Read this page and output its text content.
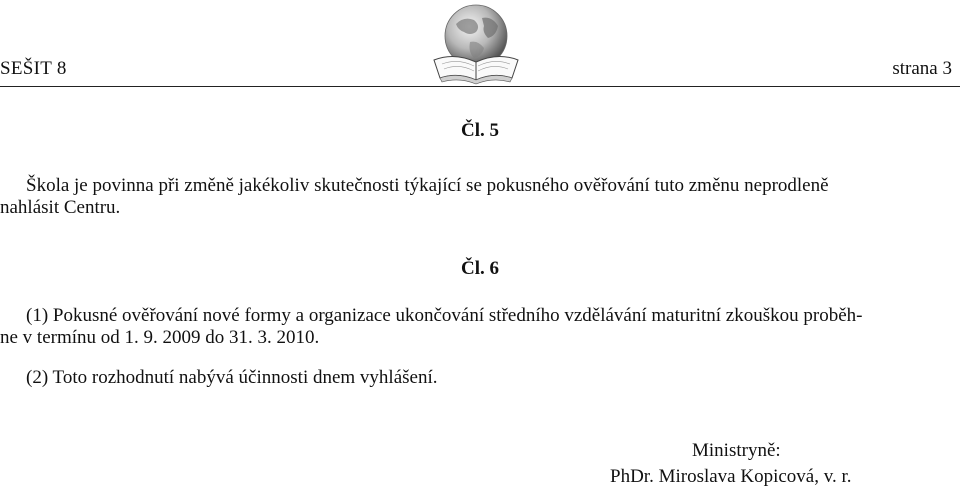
SEŠIT 8	strana 3
Čl. 5
Škola je povinna při změně jakékoliv skutečnosti týkající se pokusného ověřování tuto změnu neprodleně
nahlásit Centru.
Čl. 6
(1) Pokusné ověřování nové formy a organizace ukončování středního vzdělávání maturitní zkouškou proběh-
ne v termínu od 1. 9. 2009 do 31. 3. 2010.
(2) Toto rozhodnutí nabývá účinnosti dnem vyhlášení.
Ministryně:
PhDr. Miroslava Kopicová, v. r.
